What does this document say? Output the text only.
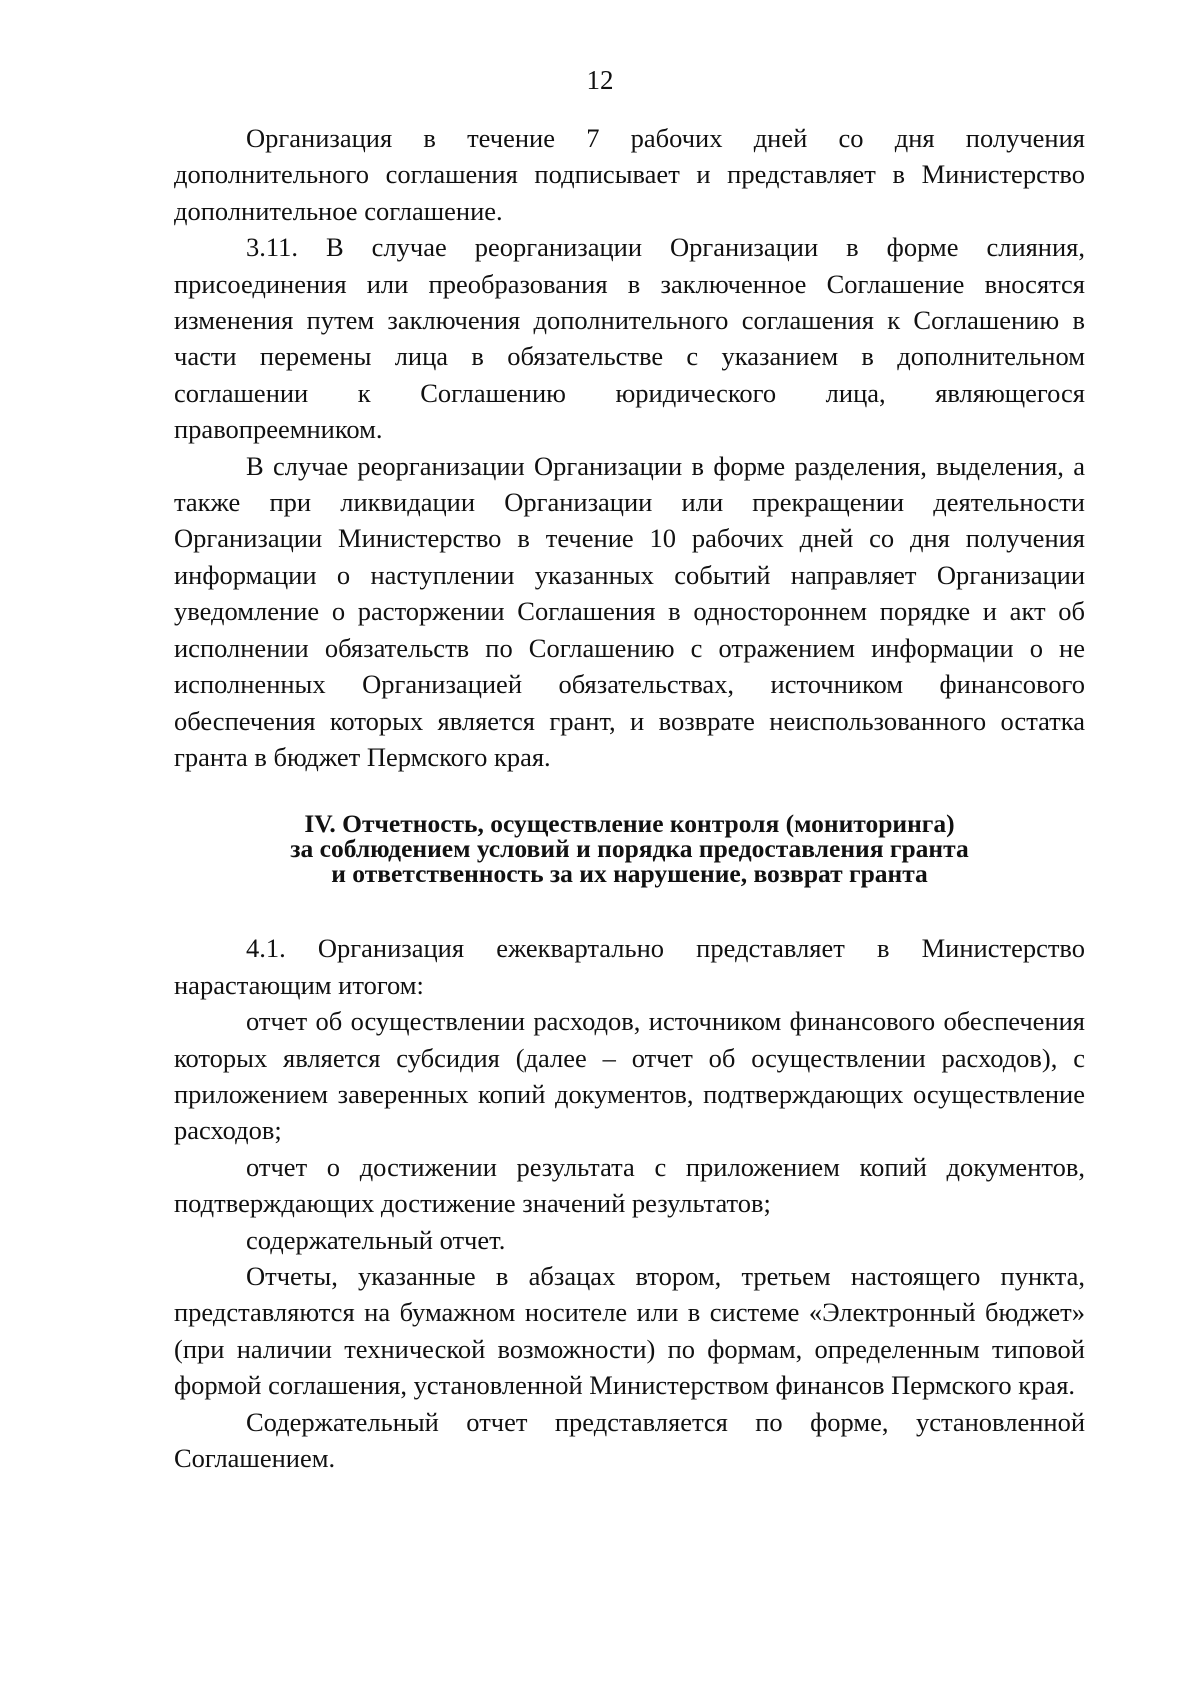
12

Организация в течение 7 рабочих дней со дня получения дополнительного соглашения подписывает и представляет в Министерство дополнительное соглашение.

3.11. В случае реорганизации Организации в форме слияния, присоединения или преобразования в заключенное Соглашение вносятся изменения путем заключения дополнительного соглашения к Соглашению в части перемены лица в обязательстве с указанием в дополнительном соглашении к Соглашению юридического лица, являющегося правопреемником.

В случае реорганизации Организации в форме разделения, выделения, а также при ликвидации Организации или прекращении деятельности Организации Министерство в течение 10 рабочих дней со дня получения информации о наступлении указанных событий направляет Организации уведомление о расторжении Соглашения в одностороннем порядке и акт об исполнении обязательств по Соглашению с отражением информации о не исполненных Организацией обязательствах, источником финансового обеспечения которых является грант, и возврате неиспользованного остатка гранта в бюджет Пермского края.

IV. Отчетность, осуществление контроля (мониторинга)
за соблюдением условий и порядка предоставления гранта
и ответственность за их нарушение, возврат гранта

4.1. Организация ежеквартально представляет в Министерство нарастающим итогом:

отчет об осуществлении расходов, источником финансового обеспечения которых является субсидия (далее – отчет об осуществлении расходов), с приложением заверенных копий документов, подтверждающих осуществление расходов;

отчет о достижении результата с приложением копий документов, подтверждающих достижение значений результатов;

содержательный отчет.

Отчеты, указанные в абзацах втором, третьем настоящего пункта, представляются на бумажном носителе или в системе «Электронный бюджет» (при наличии технической возможности) по формам, определенным типовой формой соглашения, установленной Министерством финансов Пермского края.

Содержательный отчет представляется по форме, установленной Соглашением.
